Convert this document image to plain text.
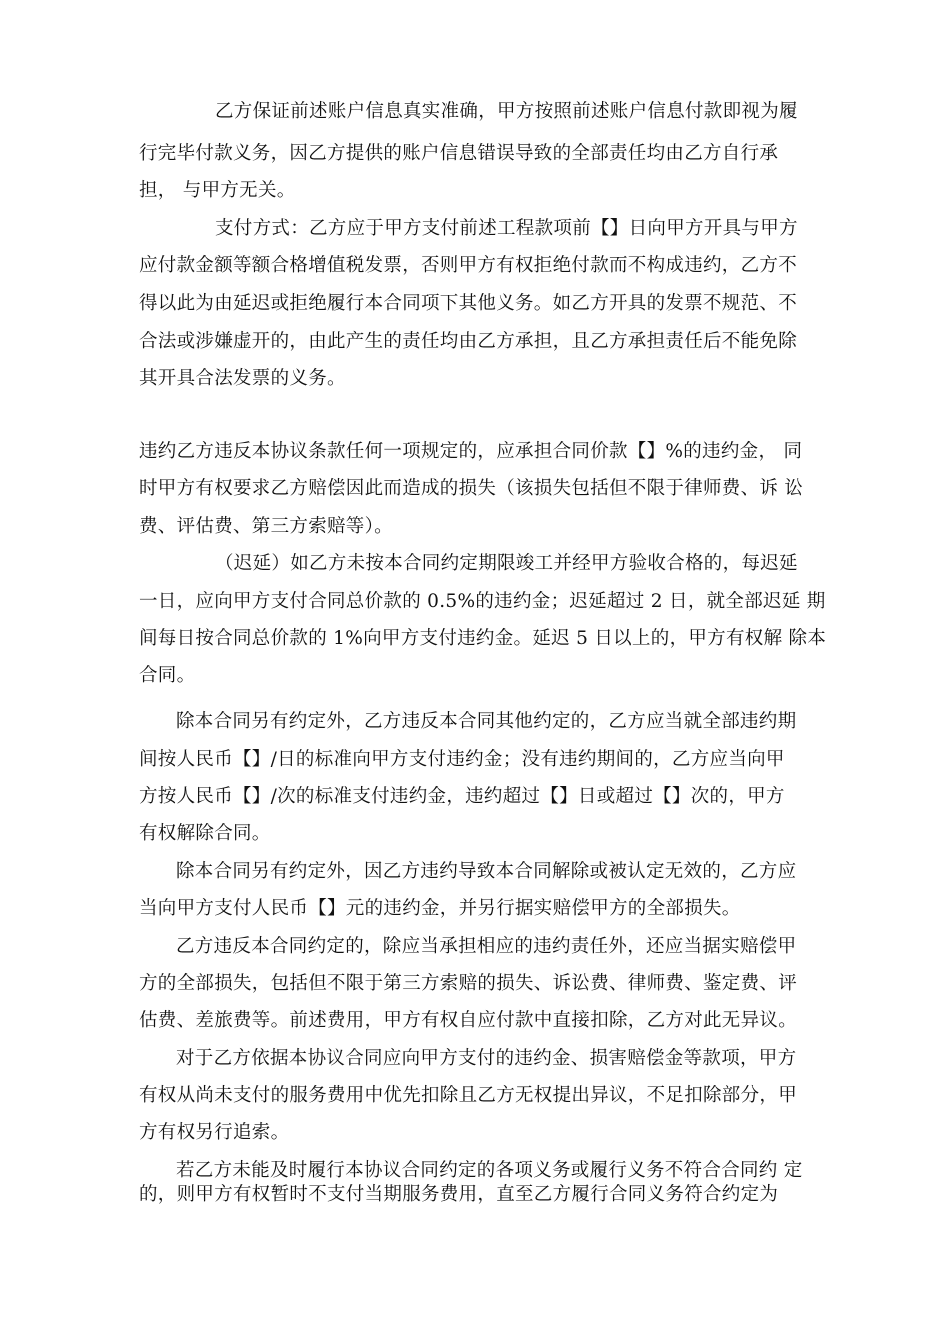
乙方保证前述账户信息真实准确，甲方按照前述账户信息付款即视为履
行完毕付款义务，因乙方提供的账户信息错误导致的全部责任均由乙方自行承
担， 与甲方无关。
支付方式：乙方应于甲方支付前述工程款项前【】日向甲方开具与甲方
应付款金额等额合格增值税发票，否则甲方有权拒绝付款而不构成违约，乙方不
得以此为由延迟或拒绝履行本合同项下其他义务。如乙方开具的发票不规范、不
合法或涉嫌虚开的，由此产生的责任均由乙方承担，且乙方承担责任后不能免除
其开具合法发票的义务。
违约乙方违反本协议条款任何一项规定的，应承担合同价款【】%的违约金， 同
时甲方有权要求乙方赔偿因此而造成的损失（该损失包括但不限于律师费、诉 讼
费、评估费、第三方索赔等）。
（迟延）如乙方未按本合同约定期限竣工并经甲方验收合格的，每迟延
一日，应向甲方支付合同总价款的 0.5%的违约金；迟延超过 2 日，就全部迟延 期
间每日按合同总价款的 1%向甲方支付违约金。延迟 5 日以上的，甲方有权解 除本
合同。
除本合同另有约定外，乙方违反本合同其他约定的，乙方应当就全部违约期
间按人民币【】/日的标准向甲方支付违约金；没有违约期间的，乙方应当向甲
方按人民币【】/次的标准支付违约金，违约超过【】日或超过【】次的，甲方
有权解除合同。
除本合同另有约定外，因乙方违约导致本合同解除或被认定无效的，乙方应
当向甲方支付人民币【】元的违约金，并另行据实赔偿甲方的全部损失。
乙方违反本合同约定的，除应当承担相应的违约责任外，还应当据实赔偿甲
方的全部损失，包括但不限于第三方索赔的损失、诉讼费、律师费、鉴定费、评
估费、差旅费等。前述费用，甲方有权自应付款中直接扣除，乙方对此无异议。
对于乙方依据本协议合同应向甲方支付的违约金、损害赔偿金等款项，甲方
有权从尚未支付的服务费用中优先扣除且乙方无权提出异议，不足扣除部分，甲
方有权另行追索。
若乙方未能及时履行本协议合同约定的各项义务或履行义务不符合合同约 定
的，则甲方有权暂时不支付当期服务费用，直至乙方履行合同义务符合约定为
